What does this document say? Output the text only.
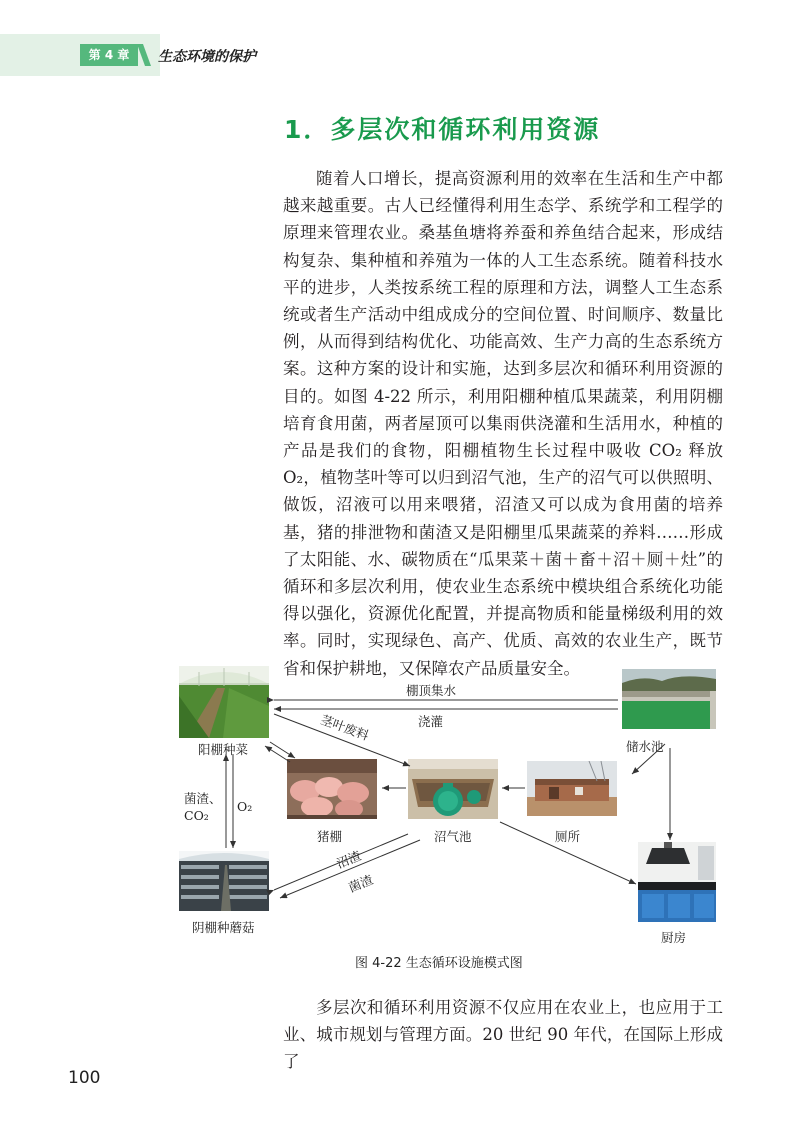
第 4 章	生态环境的保护
1．多层次和循环利用资源
随着人口增长，提高资源利用的效率在生活和生产中都越来越重要。古人已经懂得利用生态学、系统学和工程学的原理来管理农业。桑基鱼塘将养蚕和养鱼结合起来，形成结构复杂、集种植和养殖为一体的人工生态系统。随着科技水平的进步，人类按系统工程的原理和方法，调整人工生态系统或者生产活动中组成成分的空间位置、时间顺序、数量比例，从而得到结构优化、功能高效、生产力高的生态系统方案。这种方案的设计和实施，达到多层次和循环利用资源的目的。如图 4-22 所示，利用阳棚种植瓜果蔬菜，利用阴棚培育食用菌，两者屋顶可以集雨供浇灌和生活用水，种植的产品是我们的食物，阳棚植物生长过程中吸收 CO₂ 释放 O₂，植物茎叶等可以归到沼气池，生产的沼气可以供照明、做饭，沼液可以用来喂猪，沼渣又可以成为食用菌的培养基，猪的排泄物和菌渣又是阳棚里瓜果蔬菜的养料……形成了太阳能、水、碳物质在“瓜果菜＋菌＋畜＋沼＋厕＋灶”的循环和多层次利用，使农业生态系统中模块组合系统化功能得以强化，资源优化配置，并提高物质和能量梯级利用的效率。同时，实现绿色、高产、优质、高效的农业生产，既节省和保护耕地，又保障农产品质量安全。
阳棚种菜	储水池
猪棚	沼气池	厕所
阴棚种蘑菇
厨房
棚顶集水
浇灌
茎叶废料
菌渣、CO₂
O₂
沼渣
菌渣
图 4-22 生态循环设施模式图
多层次和循环利用资源不仅应用在农业上，也应用于工业、城市规划与管理方面。20 世纪 90 年代，在国际上形成了
100
